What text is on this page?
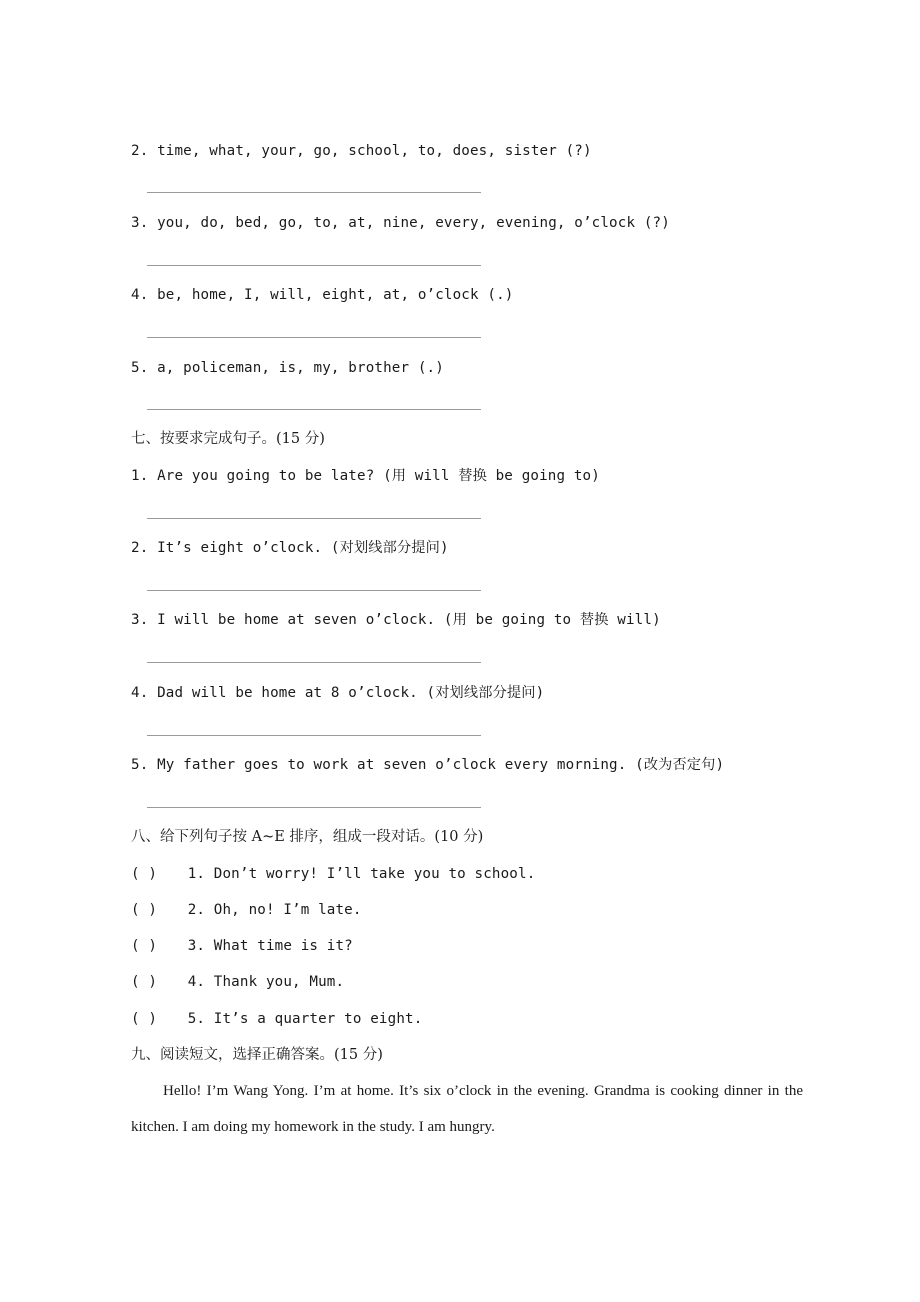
2. time, what, your, go, school, to, does, sister (?)
3. you, do, bed, go, to, at, nine, every, evening, o’clock (?)
4. be, home, I, will, eight, at, o’clock (.)
5. a, policeman, is, my, brother (.)
七、按要求完成句子。(15 分)
1. Are you going to be late? (用 will 替换 be going to)
2. It’s eight o’clock. (对划线部分提问)
3. I will be home at seven o’clock. (用 be going to 替换 will)
4. Dad will be home at 8 o’clock. (对划线部分提问)
5. My father goes to work at seven o’clock every morning. (改为否定句)
八、给下列句子按 A~E 排序，组成一段对话。(10 分)
( ) 1. Don’t worry! I’ll take you to school.
( ) 2. Oh, no! I’m late.
( ) 3. What time is it?
( ) 4. Thank you, Mum.
( ) 5. It’s a quarter to eight.
九、阅读短文，选择正确答案。(15 分)
Hello! I’m Wang Yong. I’m at home. It’s six o’clock in the evening. Grandma is cooking dinner in the kitchen. I am doing my homework in the study. I am hungry.
